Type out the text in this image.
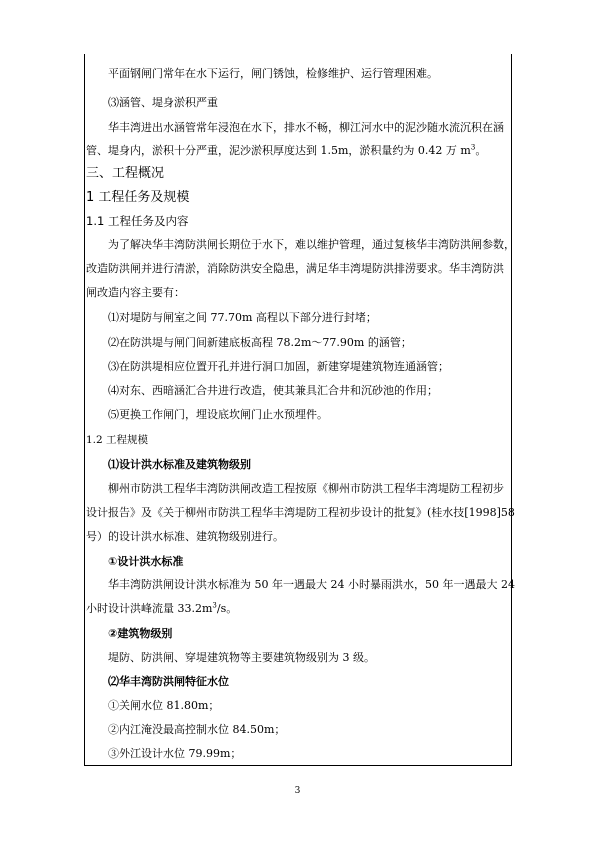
平面钢闸门常年在水下运行，闸门锈蚀，检修维护、运行管理困难。
⑶涵管、堤身淤积严重
华丰湾进出水涵管常年浸泡在水下，排水不畅，柳江河水中的泥沙随水流沉积在涵
管、堤身内，淤积十分严重，泥沙淤积厚度达到 1.5m，淤积量约为 0.42 万 $m^3$。
三、工程概况
1 工程任务及规模
1.1 工程任务及内容
为了解决华丰湾防洪闸长期位于水下，难以维护管理，通过复核华丰湾防洪闸参数，
改造防洪闸并进行清淤，消除防洪安全隐患，满足华丰湾堤防洪排涝要求。华丰湾防洪
闸改造内容主要有：
⑴对堤防与闸室之间 77.70m 高程以下部分进行封堵；
⑵在防洪堤与闸门间新建底板高程 78.2m～77.90m 的涵管；
⑶在防洪堤相应位置开孔并进行洞口加固，新建穿堤建筑物连通涵管；
⑷对东、西暗涵汇合井进行改造，使其兼具汇合井和沉砂池的作用；
⑸更换工作闸门，埋设底坎闸门止水预埋件。
1.2 工程规模
⑴设计洪水标准及建筑物级别
柳州市防洪工程华丰湾防洪闸改造工程按原《柳州市防洪工程华丰湾堤防工程初步
设计报告》及《关于柳州市防洪工程华丰湾堤防工程初步设计的批复》(桂水技[1998]58
号）的设计洪水标准、建筑物级别进行。
①设计洪水标准
华丰湾防洪闸设计洪水标准为 50 年一遇最大 24 小时暴雨洪水，50 年一遇最大 24
小时设计洪峰流量 $33.2m^3/s$。
②建筑物级别
堤防、防洪闸、穿堤建筑物等主要建筑物级别为 3 级。
⑵华丰湾防洪闸特征水位
①关闸水位 81.80m；
②内江淹没最高控制水位 84.50m；
③外江设计水位 79.99m；
3
